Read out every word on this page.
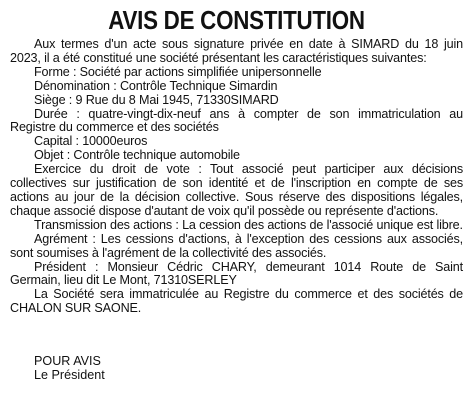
AVIS DE CONSTITUTION

Aux termes d'un acte sous signature privée en date à SIMARD du 18 juin 2023, il a été constitué une société présentant les caractéristiques suivantes:

Forme : Société par actions simplifiée unipersonnelle

Dénomination : Contrôle Technique Simardin

Siège : 9 Rue du 8 Mai 1945, 71330SIMARD

Durée : quatre-vingt-dix-neuf ans à compter de son immatriculation au Registre du commerce et des sociétés

Capital : 10000euros

Objet : Contrôle technique automobile

Exercice du droit de vote : Tout associé peut participer aux décisions collectives sur justification de son identité et de l'inscription en compte de ses actions au jour de la décision collective. Sous réserve des dispositions légales, chaque associé dispose d'autant de voix qu'il possède ou représente d'actions.

Transmission des actions : La cession des actions de l'associé unique est libre.

Agrément : Les cessions d'actions, à l'exception des cessions aux associés, sont soumises à l'agrément de la collectivité des associés.

Président : Monsieur Cédric CHARY, demeurant 1014 Route de Saint Germain, lieu dit Le Mont, 71310SERLEY

La Société sera immatriculée au Registre du commerce et des sociétés de CHALON SUR SAONE.

POUR AVIS
Le Président
